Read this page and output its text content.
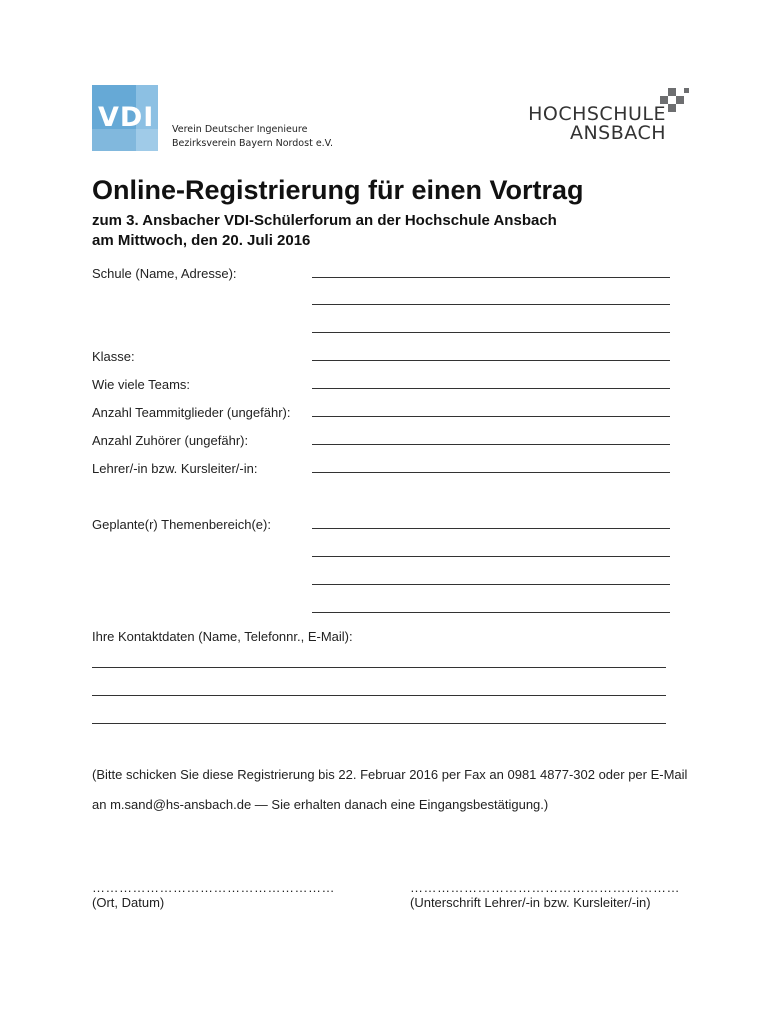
VDI Verein Deutscher Ingenieure
Bezirksverein Bayern Nordost e.V.
HOCHSCHULE
ANSBACH
Online-Registrierung für einen Vortrag
zum 3. Ansbacher VDI-Schülerforum an der Hochschule Ansbach
am Mittwoch, den 20. Juli 2016
Schule (Name, Adresse):
Klasse:
Wie viele Teams:
Anzahl Teammitglieder (ungefähr):
Anzahl Zuhörer (ungefähr):
Lehrer/-in bzw. Kursleiter/-in:
Geplante(r) Themenbereich(e):
Ihre Kontaktdaten (Name, Telefonnr., E-Mail):
(Bitte schicken Sie diese Registrierung bis 22. Februar 2016 per Fax an 0981 4877-302 oder per E-Mail
an m.sand@hs-ansbach.de — Sie erhalten danach eine Eingangsbestätigung.)
………………………………………………
(Ort, Datum)
……………………………………………………
(Unterschrift Lehrer/-in bzw. Kursleiter/-in)
